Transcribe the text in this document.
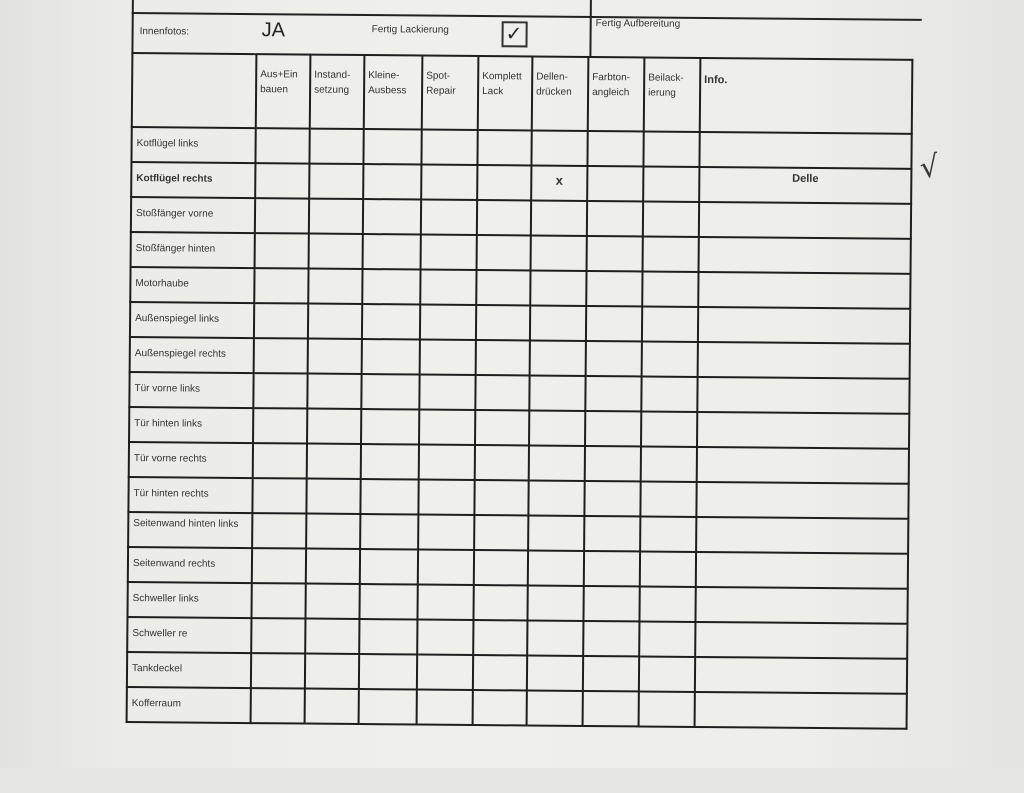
Innenfotos:	JA	Fertig Lackierung	✓	Fertig Aufbereitung

	Aus+Ein bauen	Instand-setzung	Kleine-Ausbess	Spot-Repair	Komplett Lack	Dellen-drücken	Farbton-angleich	Beilack-ierung	Info.

Kotflügel links									

Kotflügel rechts						x			Delle

Stoßfänger vorne									

Stoßfänger hinten									

Motorhaube									

Außenspiegel links									

Außenspiegel rechts									

Tür vorne links									

Tür hinten links									

Tür vorne rechts									

Tür hinten rechts									

Seitenwand hinten links									

Seitenwand rechts									

Schweller links									

Schweller re									

Tankdeckel									

Kofferraum									

√
